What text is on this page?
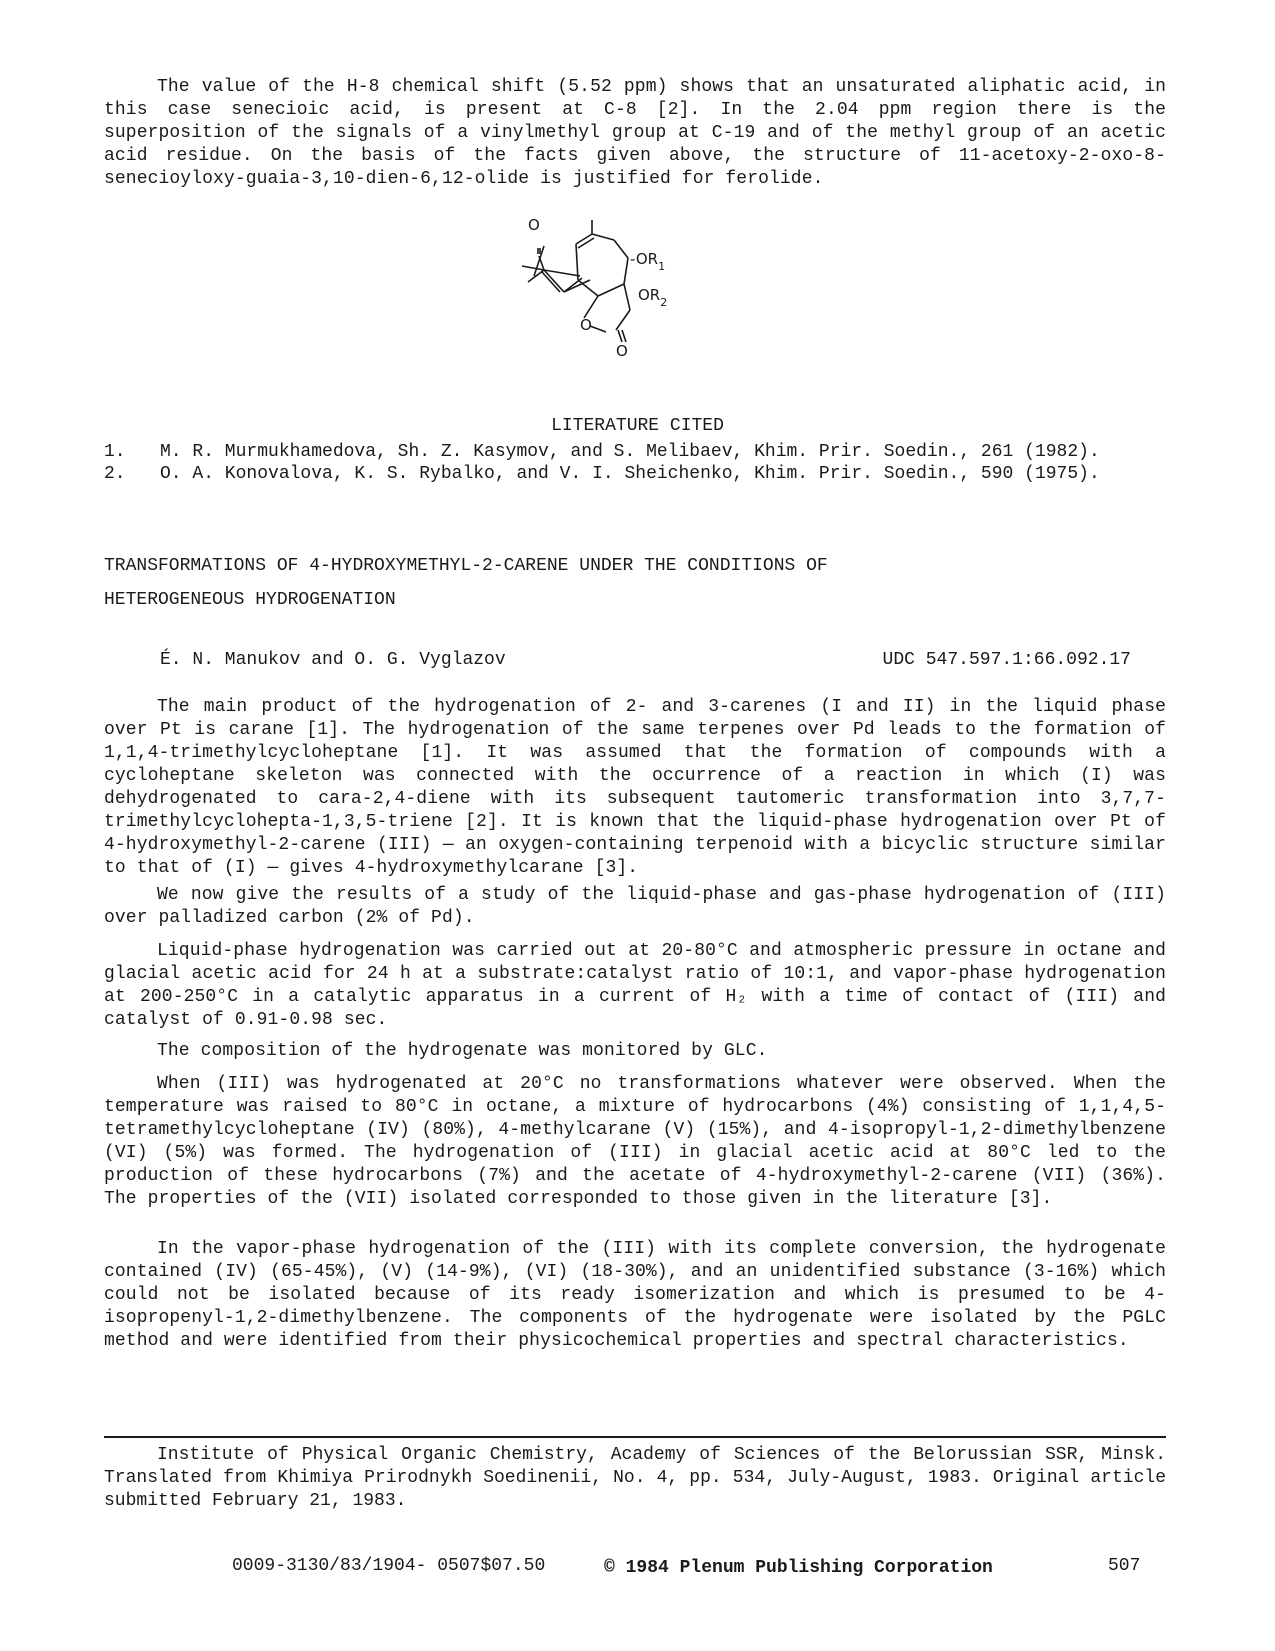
The value of the H-8 chemical shift (5.52 ppm) shows that an unsaturated aliphatic acid, in this case senecioic acid, is present at C-8 [2]. In the 2.04 ppm region there is the superposition of the signals of a vinylmethyl group at C-19 and of the methyl group of an acetic acid residue. On the basis of the facts given above, the structure of 11-acetoxy-2-oxo-8-senecioyloxy-guaia-3,10-dien-6,12-olide is justified for ferolide.

O
$-OR_1$
$OR_2$
O
O

LITERATURE CITED

1. M. R. Murmukhamedova, Sh. Z. Kasymov, and S. Melibaev, Khim. Prir. Soedin., 261 (1982).
2. O. A. Konovalova, K. S. Rybalko, and V. I. Sheichenko, Khim. Prir. Soedin., 590 (1975).
TRANSFORMATIONS OF 4-HYDROXYMETHYL-2-CARENE UNDER THE CONDITIONS OF
HETEROGENEOUS HYDROGENATION
É. N. Manukov and O. G. Vyglazov	UDC 547.597.1:66.092.17

The main product of the hydrogenation of 2- and 3-carenes (I and II) in the liquid phase over Pt is carane [1]. The hydrogenation of the same terpenes over Pd leads to the formation of 1,1,4-trimethylcycloheptane [1]. It was assumed that the formation of compounds with a cycloheptane skeleton was connected with the occurrence of a reaction in which (I) was dehydrogenated to cara-2,4-diene with its subsequent tautomeric transformation into 3,7,7-trimethylcyclohepta-1,3,5-triene [2]. It is known that the liquid-phase hydrogenation over Pt of 4-hydroxymethyl-2-carene (III) — an oxygen-containing terpenoid with a bicyclic structure similar to that of (I) — gives 4-hydroxymethylcarane [3].

We now give the results of a study of the liquid-phase and gas-phase hydrogenation of (III) over palladized carbon (2% of Pd).

Liquid-phase hydrogenation was carried out at 20-80°C and atmospheric pressure in octane and glacial acetic acid for 24 h at a substrate:catalyst ratio of 10:1, and vapor-phase hydrogenation at 200-250°C in a catalytic apparatus in a current of H₂ with a time of contact of (III) and catalyst of 0.91-0.98 sec.

The composition of the hydrogenate was monitored by GLC.

When (III) was hydrogenated at 20°C no transformations whatever were observed. When the temperature was raised to 80°C in octane, a mixture of hydrocarbons (4%) consisting of 1,1,4,5-tetramethylcycloheptane (IV) (80%), 4-methylcarane (V) (15%), and 4-isopropyl-1,2-dimethylbenzene (VI) (5%) was formed. The hydrogenation of (III) in glacial acetic acid at 80°C led to the production of these hydrocarbons (7%) and the acetate of 4-hydroxymethyl-2-carene (VII) (36%). The properties of the (VII) isolated corresponded to those given in the literature [3].

In the vapor-phase hydrogenation of the (III) with its complete conversion, the hydrogenate contained (IV) (65-45%), (V) (14-9%), (VI) (18-30%), and an unidentified substance (3-16%) which could not be isolated because of its ready isomerization and which is presumed to be 4-isopropenyl-1,2-dimethylbenzene. The components of the hydrogenate were isolated by the PGLC method and were identified from their physicochemical properties and spectral characteristics.

Institute of Physical Organic Chemistry, Academy of Sciences of the Belorussian SSR, Minsk. Translated from Khimiya Prirodnykh Soedinenii, No. 4, pp. 534, July-August, 1983. Original article submitted February 21, 1983.

0009-3130/83/1904- 0507$07.50	© 1984 Plenum Publishing Corporation	507
